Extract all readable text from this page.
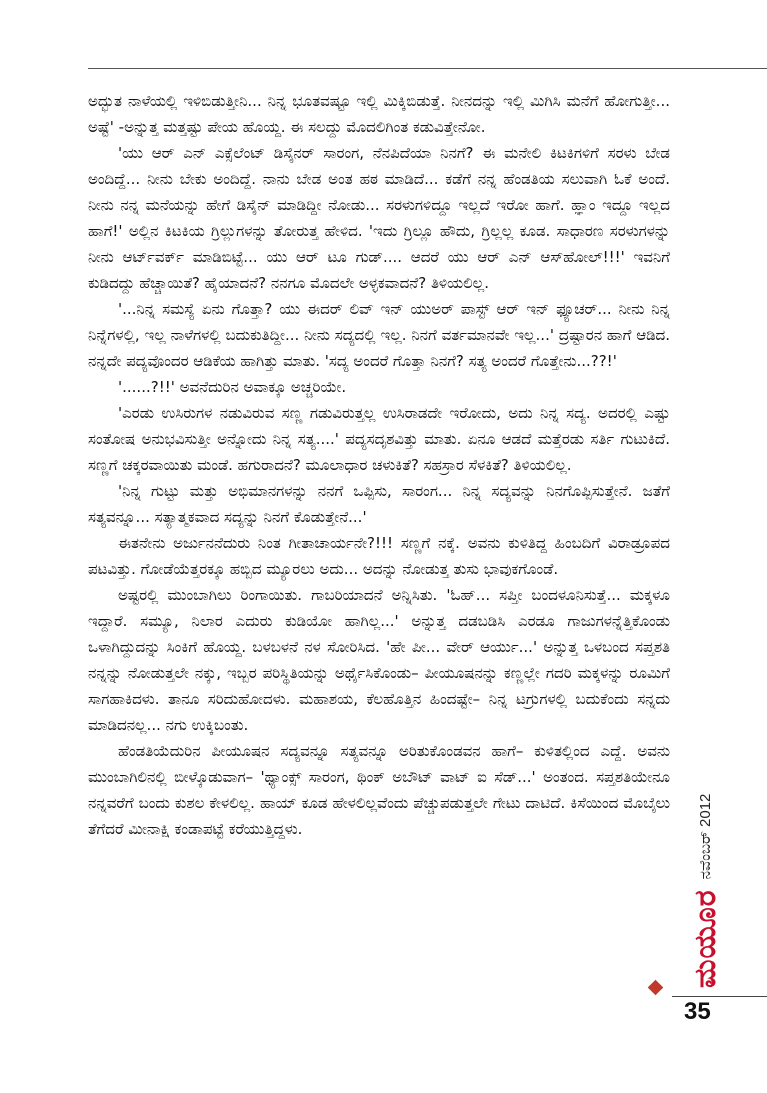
ಅದ್ಭುತ ನಾಳೆಯಲ್ಲಿ ಇಳಿಬಿಡುತ್ತೀನಿ... ನಿನ್ನ ಭೂತವಷ್ಟೂ ಇಲ್ಲಿ ಮಿಕ್ಕಿಬಿಡುತ್ತೆ. ನೀನದನ್ನು ಇಲ್ಲಿ ಮಿಗಿಸಿ ಮನೆಗೆ ಹೋಗುತ್ತೀ... ಅಷ್ಟೆ' -ಅನ್ನುತ್ತ ಮತ್ತಷ್ಟು ಪೇಯ ಹೊಯ್ದ. ಈ ಸಲದ್ದು ಮೊದಲಿಗಿಂತ ಕಡುವಿತ್ತೇನೋ.

'ಯು ಆರ್ ಎನ್ ಎಕ್ಸೆಲೆಂಟ್ ಡಿಸೈನರ್ ಸಾರಂಗ, ನೆನಪಿದೆಯಾ ನಿನಗೆ? ಈ ಮನೇಲಿ ಕಿಟಕಿಗಳಿಗೆ ಸರಳು ಬೇಡ ಅಂದಿದ್ದೆ... ನೀನು ಬೇಕು ಅಂದಿದ್ದೆ. ನಾನು ಬೇಡ ಅಂತ ಹಠ ಮಾಡಿದೆ... ಕಡೆಗೆ ನನ್ನ ಹೆಂಡತಿಯ ಸಲುವಾಗಿ ಓಕೆ ಅಂದೆ. ನೀನು ನನ್ನ ಮನೆಯನ್ನು ಹೇಗೆ ಡಿಸೈನ್ ಮಾಡಿದ್ದೀ ನೋಡು... ಸರಳುಗಳಿದ್ದೂ ಇಲ್ಲದೆ ಇರೋ ಹಾಗೆ. ಹ್ಞಾಂ ಇದ್ದೂ ಇಲ್ಲದ ಹಾಗೆ!' ಅಲ್ಲಿನ ಕಿಟಕಿಯ ಗ್ರಿಲ್ಲುಗಳನ್ನು ತೋರುತ್ತ ಹೇಳಿದ. 'ಇದು ಗ್ರಿಲ್ಲೂ ಹೌದು, ಗ್ರಿಲ್ಲಲ್ಲ ಕೂಡ. ಸಾಧಾರಣ ಸರಳುಗಳನ್ನು ನೀನು ಆರ್ಟ್‌ವರ್ಕ್ ಮಾಡಿಬಿಟ್ಟೆ... ಯು ಆರ್ ಟೂ ಗುಡ್.... ಆದರೆ ಯು ಆರ್ ಎನ್ ಆಸ್‌ಹೋಲ್!!!' ಇವನಿಗೆ ಕುಡಿದದ್ದು ಹೆಚ್ಚಾಯಿತೆ? ಹೈಯಾದನೆ? ನನಗೂ ಮೊದಲೇ ಅಳ್ಳಕವಾದನೆ? ತಿಳಿಯಲಿಲ್ಲ.

'...ನಿನ್ನ ಸಮಸ್ಯೆ ಏನು ಗೊತ್ತಾ? ಯು ಈದರ್ ಲಿವ್ ಇನ್ ಯುಅರ್ ಪಾಸ್ಟ್ ಆರ್ ಇನ್ ಫ್ಯೂಚರ್... ನೀನು ನಿನ್ನ ನಿನ್ನೆಗಳಲ್ಲಿ, ಇಲ್ಲ ನಾಳೆಗಳಲ್ಲಿ ಬದುಕುತಿದ್ದೀ... ನೀನು ಸದ್ಯದಲ್ಲಿ ಇಲ್ಲ. ನಿನಗೆ ವರ್ತಮಾನವೇ ಇಲ್ಲ...' ದ್ರಷ್ಟಾರನ ಹಾಗೆ ಆಡಿದ. ನನ್ನದೇ ಪದ್ಯವೊಂದರ ಆಡಿಕೆಯ ಹಾಗಿತ್ತು ಮಾತು. 'ಸದ್ಯ ಅಂದರೆ ಗೊತ್ತಾ ನಿನಗೆ? ಸತ್ಯ ಅಂದರೆ ಗೊತ್ತೇನು...??!'

'......?!!' ಅವನೆದುರಿನ ಅವಾಕ್ಕೂ ಅಚ್ಚರಿಯೇ.

'ಎರಡು ಉಸಿರುಗಳ ನಡುವಿರುವ ಸಣ್ಣ ಗಡುವಿರುತ್ತಲ್ಲ ಉಸಿರಾಡದೇ ಇರೋದು, ಅದು ನಿನ್ನ ಸದ್ಯ. ಅದರಲ್ಲಿ ಎಷ್ಟು ಸಂತೋಷ ಅನುಭವಿಸುತ್ತೀ ಅನ್ನೋದು ನಿನ್ನ ಸತ್ಯ....' ಪದ್ಯಸದೃಶವಿತ್ತು ಮಾತು. ಏನೂ ಆಡದೆ ಮತ್ತೆರಡು ಸರ್ತಿ ಗುಟುಕಿದೆ. ಸಣ್ಣಗೆ ಚಕ್ಕರವಾಯಿತು ಮಂಡೆ. ಹಗುರಾದನೆ? ಮೂಲಾಧಾರ ಚಳುಕಿತೆ? ಸಹಸ್ರಾರ ಸೆಳಕಿತೆ? ತಿಳಿಯಲಿಲ್ಲ.

'ನಿನ್ನ ಗುಟ್ಟು ಮತ್ತು ಅಭಿಮಾನಗಳನ್ನು ನನಗೆ ಒಪ್ಪಿಸು, ಸಾರಂಗ... ನಿನ್ನ ಸದ್ಯವನ್ನು ನಿನಗೊಪ್ಪಿಸುತ್ತೇನೆ. ಜತೆಗೆ ಸತ್ಯವನ್ನೂ... ಸತ್ಯಾತ್ಮಕವಾದ ಸದ್ಯನ್ನು ನಿನಗೆ ಕೊಡುತ್ತೇನೆ...'

ಈತನೇನು ಅರ್ಜುನನೆದುರು ನಿಂತ ಗೀತಾಚಾರ್ಯನೇ?!!! ಸಣ್ಣಗೆ ನಕ್ಕೆ. ಅವನು ಕುಳಿತಿದ್ದ ಹಿಂಬದಿಗೆ ವಿರಾಡ್ರೂಪದ ಪಟವಿತ್ತು. ಗೋಡೆಯೆತ್ತರಕ್ಕೂ ಹಬ್ಬಿದ ಮ್ಯೂರಲು ಅದು... ಅದನ್ನು ನೋಡುತ್ತ ತುಸು ಭಾವುಕಗೊಂಡೆ.

ಅಷ್ಟರಲ್ಲಿ ಮುಂಬಾಗಿಲು ರಿಂಗಾಯಿತು. ಗಾಬರಿಯಾದನೆ ಅನ್ನಿಸಿತು. 'ಓಹ್... ಸಪ್ತೀ ಬಂದಳೂನಿಸುತ್ತೆ... ಮಕ್ಕಳೂ ಇದ್ದಾರೆ. ಸಮ್ಯೂ, ನಿಲಾರ ಎದುರು ಕುಡಿಯೋ ಹಾಗಿಲ್ಲ...' ಅನ್ನುತ್ತ ದಡಬಡಿಸಿ ಎರಡೂ ಗಾಜುಗಳನ್ನೆತ್ತಿಕೊಂಡು ಒಳಾಗಿದ್ದುದನ್ನು ಸಿಂಕಿಗೆ ಹೊಯ್ದ. ಬಳಬಳನೆ ನಳ ಸೋರಿಸಿದ. 'ಹೇ ಪೀ... ವೇರ್ ಆರ್ಯು...' ಅನ್ನುತ್ತ ಒಳಬಂದ ಸಪ್ತಶತಿ ನನ್ನನ್ನು ನೋಡುತ್ತಲೇ ನಕ್ಕು, ಇಬ್ಬರ ಪರಿಸ್ಥಿತಿಯನ್ನು ಅರ್ಥೈಸಿಕೊಂಡು– ಪೀಯೂಷನನ್ನು ಕಣ್ಣಲ್ಲೇ ಗದರಿ ಮಕ್ಕಳನ್ನು ರೂಮಿಗೆ ಸಾಗಹಾಕಿದಳು. ತಾನೂ ಸರಿದುಹೋದಳು. ಮಹಾಶಯ, ಕೆಲಹೊತ್ತಿನ ಹಿಂದಷ್ಟೇ– ನಿನ್ನ ಟಗ್ರುಗಳಲ್ಲಿ ಬದುಕೆಂದು ಸನ್ನದು ಮಾಡಿದನಲ್ಲ... ನಗು ಉಕ್ಕಿಬಂತು.

ಹೆಂಡತಿಯೆದುರಿನ ಪೀಯೂಷನ ಸದ್ಯವನ್ನೂ ಸತ್ಯವನ್ನೂ ಅರಿತುಕೊಂಡವನ ಹಾಗೆ– ಕುಳಿತಲ್ಲಿಂದ ಎದ್ದೆ. ಅವನು ಮುಂಬಾಗಿಲಿನಲ್ಲಿ ಬೀಳ್ಕೊಡುವಾಗ– 'ಥ್ಯಾಂಕ್ಸ್ ಸಾರಂಗ, ಥಿಂಕ್ ಅಬೌಟ್ ವಾಟ್ ಐ ಸೆಡ್...' ಅಂತಂದ. ಸಪ್ತಶತಿಯೇನೂ ನನ್ನವರೆಗೆ ಬಂದು ಕುಶಲ ಕೇಳಲಿಲ್ಲ. ಹಾಯ್ ಕೂಡ ಹೇಳಲಿಲ್ಲವೆಂದು ಪೆಚ್ಚುಪಡುತ್ತಲೇ ಗೇಟು ದಾಟಿದೆ. ಕಿಸೆಯಿಂದ ಮೊಬೈಲು ತೆಗೆದರೆ ಮೀನಾಕ್ಷಿ ಕಂಡಾಪಟ್ಟೆ ಕರೆಯುತ್ತಿದ್ದಳು.

ಮಯೂರ
ನವೆಂಬರ್ 2012
35
